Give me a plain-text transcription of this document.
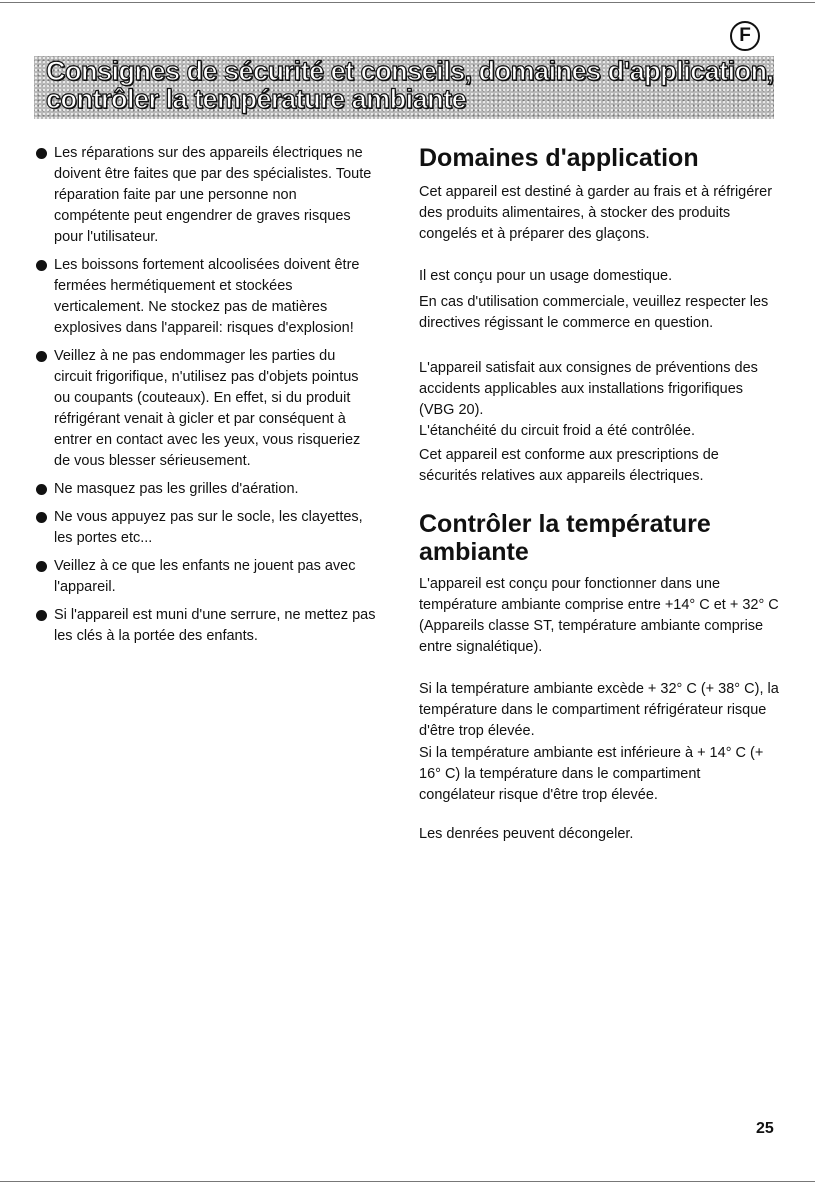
F

Consignes de sécurité et conseils, domaines d'application,

contrôler la température ambiante

Les réparations sur des appareils électriques ne doivent être faites que par des spécialistes. Toute réparation faite par une personne non compétente peut engendrer de graves risques pour l'utilisateur.
Les boissons fortement alcoolisées doivent être fermées hermétiquement et stockées verticalement. Ne stockez pas de matières explosives dans l'appareil: risques d'explosion!
Veillez à ne pas endommager les parties du circuit frigorifique, n'utilisez pas d'objets pointus ou coupants (couteaux). En effet, si du produit réfrigérant venait à gicler et par conséquent à entrer en contact avec les yeux, vous risqueriez de vous blesser sérieusement.
Ne masquez pas les grilles d'aération.
Ne vous appuyez pas sur le socle, les clayettes, les portes etc...
Veillez à ce que les enfants ne jouent pas avec l'appareil.
Si l'appareil est muni d'une serrure, ne mettez pas les clés à la portée des enfants.
Domaines d'application

Cet appareil est destiné à garder au frais et à réfrigérer des produits alimentaires, à stocker des produits congelés et à préparer des glaçons.

Il est conçu pour un usage domestique.

En cas d'utilisation commerciale, veuillez respecter les directives régissant le commerce en question.

L'appareil satisfait aux consignes de préventions des accidents applicables aux installations frigorifiques (VBG 20).

L'étanchéité du circuit froid a été contrôlée.

Cet appareil est conforme aux prescriptions de sécurités relatives aux appareils électriques.

Contrôler la température
ambiante

L'appareil est conçu pour fonctionner dans une température ambiante comprise entre +14° C et + 32° C (Appareils classe ST, température ambiante comprise entre signalétique).

Si la température ambiante excède + 32° C (+ 38° C), la température dans le compartiment réfrigérateur risque d'être trop élevée.

Si la température ambiante est inférieure à + 14° C (+ 16° C) la température dans le compartiment congélateur risque d'être trop élevée.

Les denrées peuvent décongeler.

25
